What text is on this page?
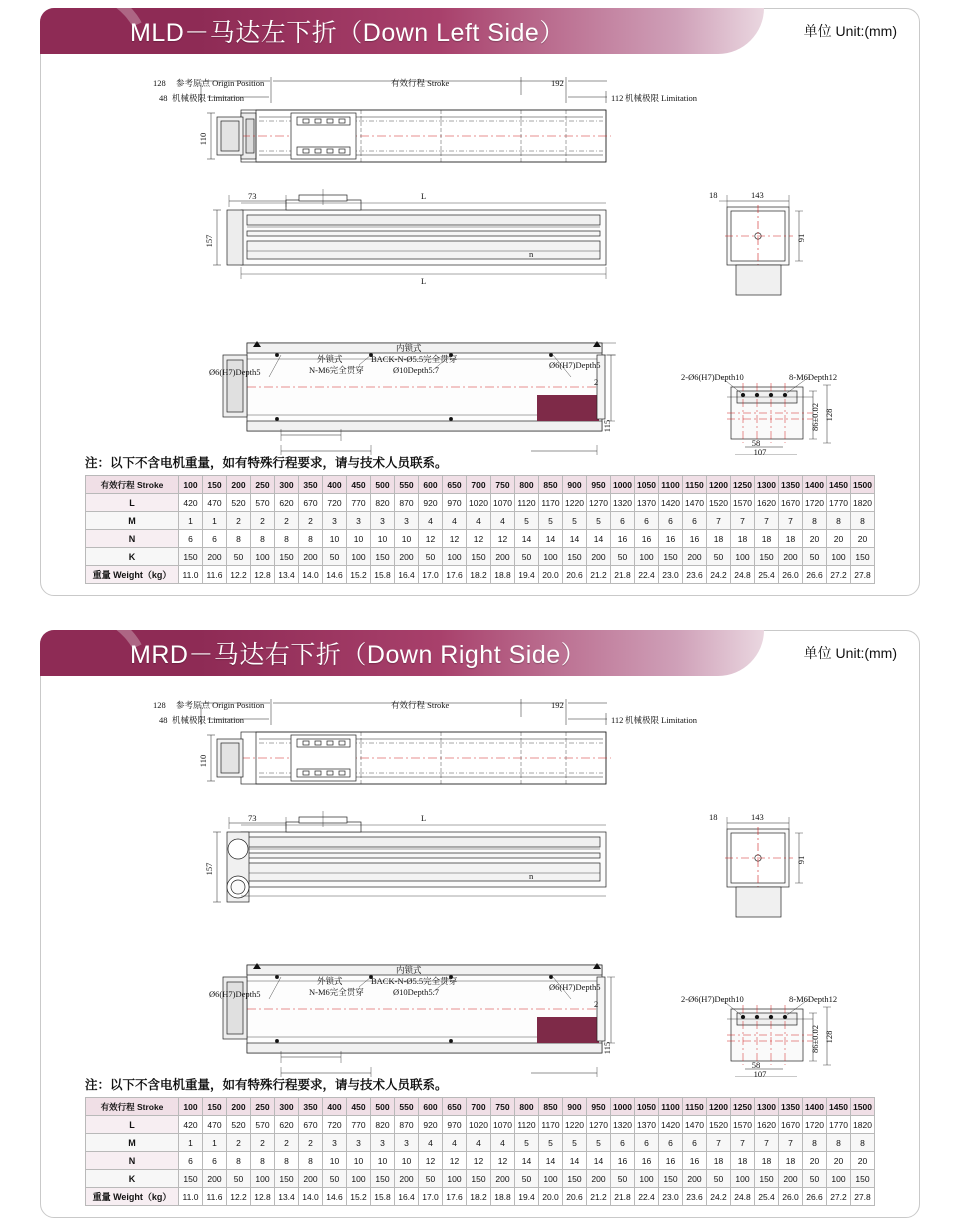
MLD－马达左下折（Down Left Side）	单位 Unit:(mm)
128 参考原点 Origin Position
48 机械极限 Limitation
有效行程 Stroke	192
112 机械极限 Limitation
110
73	L
n
L
157
18	143
91
Ø6(H7)Depth5
外锁式
N-M6完全贯穿
内锁式
BACK-N-Ø5.5完全贯穿
Ø10Depth5.7	Ø6(H7)Depth5
2
115
2-Ø6(H7)Depth10	8-M6Depth12
86±0.02 128
58
107
注：以下不含电机重量，如有特殊行程要求，请与技术人员联系。
有效行程 Stroke	100	150	200	250	300	350	400	450	500	550	600	650	700	750	800	850	900	950	1000	1050	1100	1150	1200	1250	1300	1350	1400	1450	1500
L	420	470	520	570	620	670	720	770	820	870	920	970	1020	1070	1120	1170	1220	1270	1320	1370	1420	1470	1520	1570	1620	1670	1720	1770	1820
M	1	1	2	2	2	2	3	3	3	3	4	4	4	4	5	5	5	5	6	6	6	6	7	7	7	7	8	8	8
N	6	6	8	8	8	8	10	10	10	10	12	12	12	12	14	14	14	14	16	16	16	16	18	18	18	18	20	20	20
K	150	200	50	100	150	200	50	100	150	200	50	100	150	200	50	100	150	200	50	100	150	200	50	100	150	200	50	100	150
重量 Weight（kg）	11.0	11.6	12.2	12.8	13.4	14.0	14.6	15.2	15.8	16.4	17.0	17.6	18.2	18.8	19.4	20.0	20.6	21.2	21.8	22.4	23.0	23.6	24.2	24.8	25.4	26.0	26.6	27.2	27.8
MRD－马达右下折（Down Right Side）	单位 Unit:(mm)
128 参考原点 Origin Position
48 机械极限 Limitation
有效行程 Stroke	192
112 机械极限 Limitation
110
73	L
n
157
18	143
91
Ø6(H7)Depth5
外锁式
N-M6完全贯穿
内锁式
BACK-N-Ø5.5完全贯穿
Ø10Depth5.7	Ø6(H7)Depth5
2
115
2-Ø6(H7)Depth10	8-M6Depth12
86±0.02 128
58
107
注：以下不含电机重量，如有特殊行程要求，请与技术人员联系。
有效行程 Stroke	100	150	200	250	300	350	400	450	500	550	600	650	700	750	800	850	900	950	1000	1050	1100	1150	1200	1250	1300	1350	1400	1450	1500
L	420	470	520	570	620	670	720	770	820	870	920	970	1020	1070	1120	1170	1220	1270	1320	1370	1420	1470	1520	1570	1620	1670	1720	1770	1820
M	1	1	2	2	2	2	3	3	3	3	4	4	4	4	5	5	5	5	6	6	6	6	7	7	7	7	8	8	8
N	6	6	8	8	8	8	10	10	10	10	12	12	12	12	14	14	14	14	16	16	16	16	18	18	18	18	20	20	20
K	150	200	50	100	150	200	50	100	150	200	50	100	150	200	50	100	150	200	50	100	150	200	50	100	150	200	50	100	150
重量 Weight（kg）	11.0	11.6	12.2	12.8	13.4	14.0	14.6	15.2	15.8	16.4	17.0	17.6	18.2	18.8	19.4	20.0	20.6	21.2	21.8	22.4	23.0	23.6	24.2	24.8	25.4	26.0	26.6	27.2	27.8
